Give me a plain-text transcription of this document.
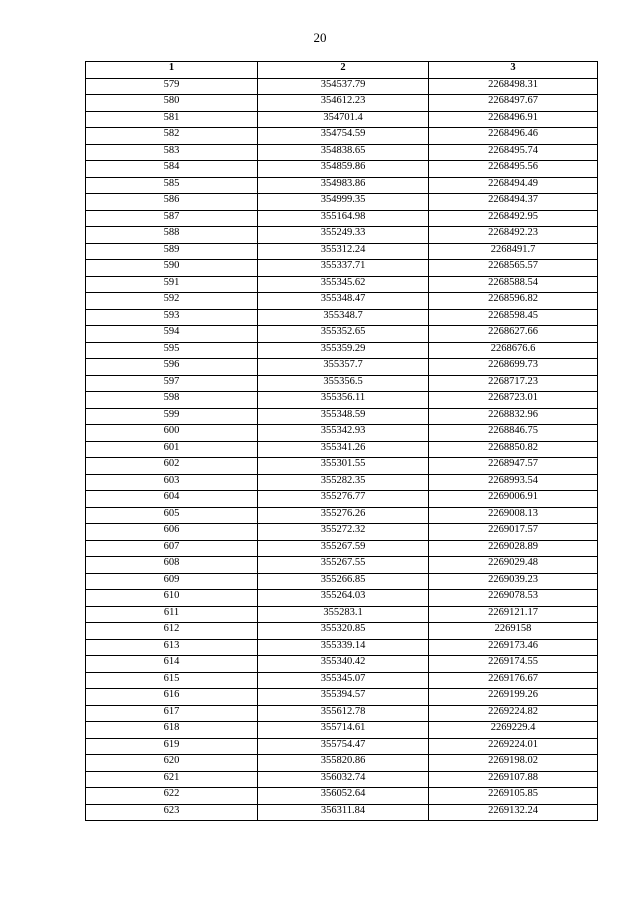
20
1	2	3
579	354537.79	2268498.31
580	354612.23	2268497.67
581	354701.4	2268496.91
582	354754.59	2268496.46
583	354838.65	2268495.74
584	354859.86	2268495.56
585	354983.86	2268494.49
586	354999.35	2268494.37
587	355164.98	2268492.95
588	355249.33	2268492.23
589	355312.24	2268491.7
590	355337.71	2268565.57
591	355345.62	2268588.54
592	355348.47	2268596.82
593	355348.7	2268598.45
594	355352.65	2268627.66
595	355359.29	2268676.6
596	355357.7	2268699.73
597	355356.5	2268717.23
598	355356.11	2268723.01
599	355348.59	2268832.96
600	355342.93	2268846.75
601	355341.26	2268850.82
602	355301.55	2268947.57
603	355282.35	2268993.54
604	355276.77	2269006.91
605	355276.26	2269008.13
606	355272.32	2269017.57
607	355267.59	2269028.89
608	355267.55	2269029.48
609	355266.85	2269039.23
610	355264.03	2269078.53
611	355283.1	2269121.17
612	355320.85	2269158
613	355339.14	2269173.46
614	355340.42	2269174.55
615	355345.07	2269176.67
616	355394.57	2269199.26
617	355612.78	2269224.82
618	355714.61	2269229.4
619	355754.47	2269224.01
620	355820.86	2269198.02
621	356032.74	2269107.88
622	356052.64	2269105.85
623	356311.84	2269132.24
